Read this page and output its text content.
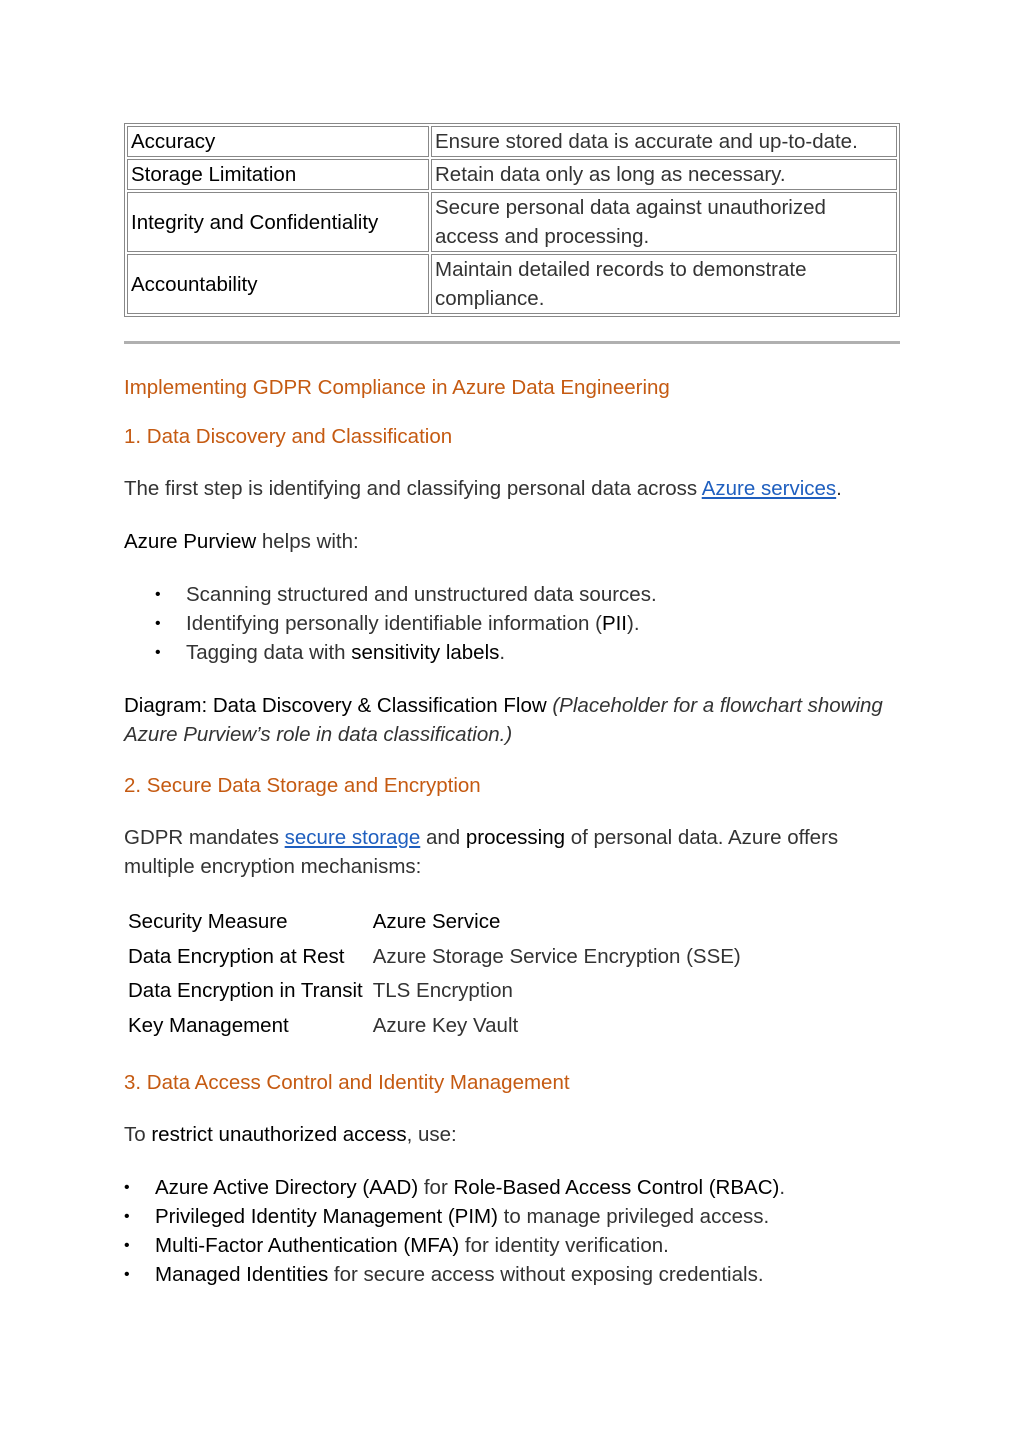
Accuracy	Ensure stored data is accurate and up-to-date.
Storage Limitation	Retain data only as long as necessary.
Integrity and Confidentiality	Secure personal data against unauthorized access and processing.
Accountability	Maintain detailed records to demonstrate compliance.
Implementing GDPR Compliance in Azure Data Engineering
1. Data Discovery and Classification

The first step is identifying and classifying personal data across Azure services.

Azure Purview helps with:

• Scanning structured and unstructured data sources.
• Identifying personally identifiable information (PII).
• Tagging data with sensitivity labels.

Diagram: Data Discovery & Classification Flow (Placeholder for a flowchart showing Azure Purview’s role in data classification.)

2. Secure Data Storage and Encryption

GDPR mandates secure storage and processing of personal data. Azure offers multiple encryption mechanisms:

Security Measure	Azure Service
Data Encryption at Rest	Azure Storage Service Encryption (SSE)
Data Encryption in Transit	TLS Encryption
Key Management	Azure Key Vault
3. Data Access Control and Identity Management

To restrict unauthorized access, use:

• Azure Active Directory (AAD) for Role-Based Access Control (RBAC).
• Privileged Identity Management (PIM) to manage privileged access.
• Multi-Factor Authentication (MFA) for identity verification.
• Managed Identities for secure access without exposing credentials.
